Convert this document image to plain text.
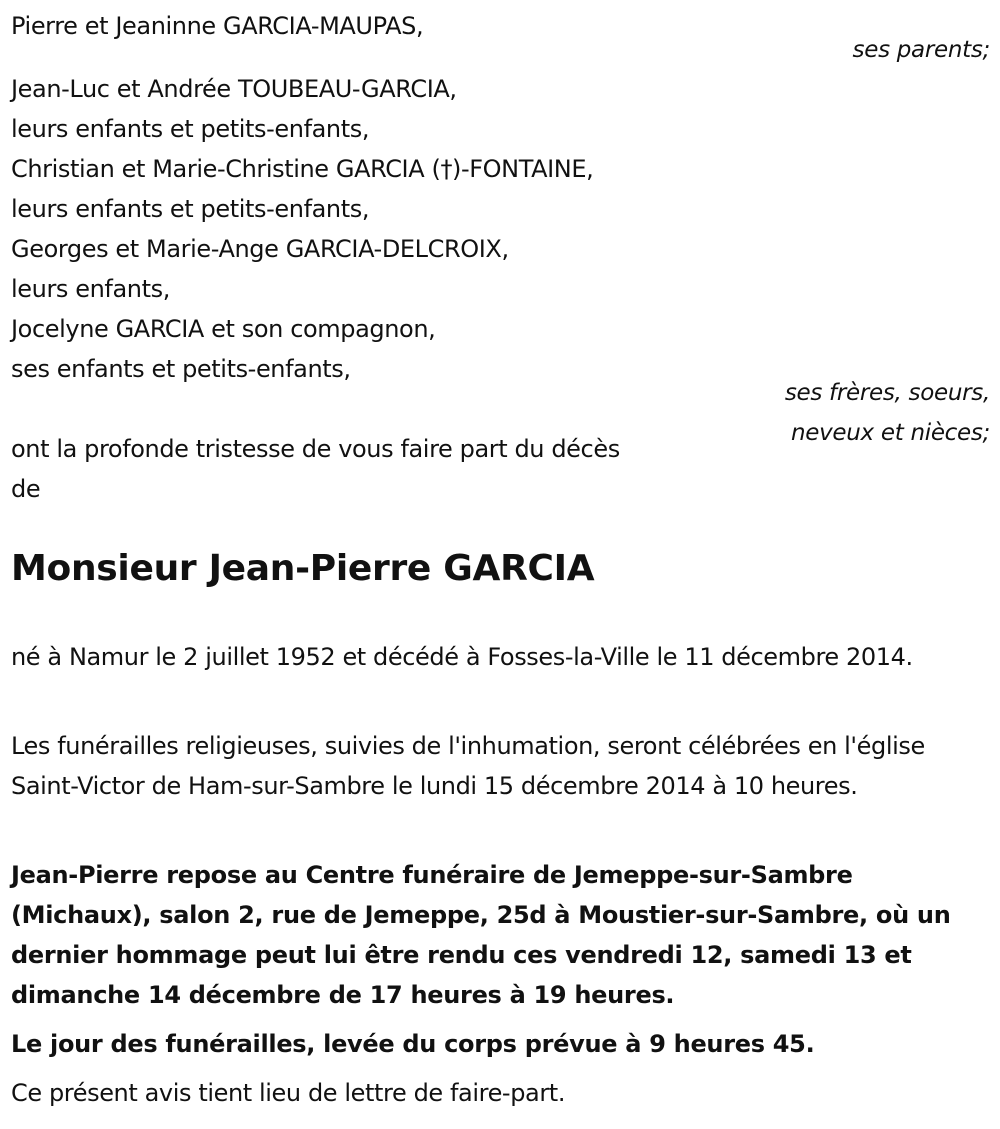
Pierre et Jeaninne GARCIA-MAUPAS,
ses parents;
Jean-Luc et Andrée TOUBEAU-GARCIA,
leurs enfants et petits-enfants,
Christian et Marie-Christine GARCIA (†)-FONTAINE,
leurs enfants et petits-enfants,
Georges et Marie-Ange GARCIA-DELCROIX,
leurs enfants,
Jocelyne GARCIA et son compagnon,
ses enfants et petits-enfants,
ses frères, soeurs,
neveux et nièces;
ont la profonde tristesse de vous faire part du décès
de
Monsieur Jean-Pierre GARCIA
né à Namur le 2 juillet 1952 et décédé à Fosses-la-Ville le 11 décembre 2014.
Les funérailles religieuses, suivies de l'inhumation, seront célébrées en l'église Saint-Victor de Ham-sur-Sambre le lundi 15 décembre 2014 à 10 heures.
Jean-Pierre repose au Centre funéraire de Jemeppe-sur-Sambre (Michaux), salon 2, rue de Jemeppe, 25d à Moustier-sur-Sambre, où un dernier hommage peut lui être rendu ces vendredi 12, samedi 13 et dimanche 14 décembre de 17 heures à 19 heures.
Le jour des funérailles, levée du corps prévue à 9 heures 45.
Ce présent avis tient lieu de lettre de faire-part.
